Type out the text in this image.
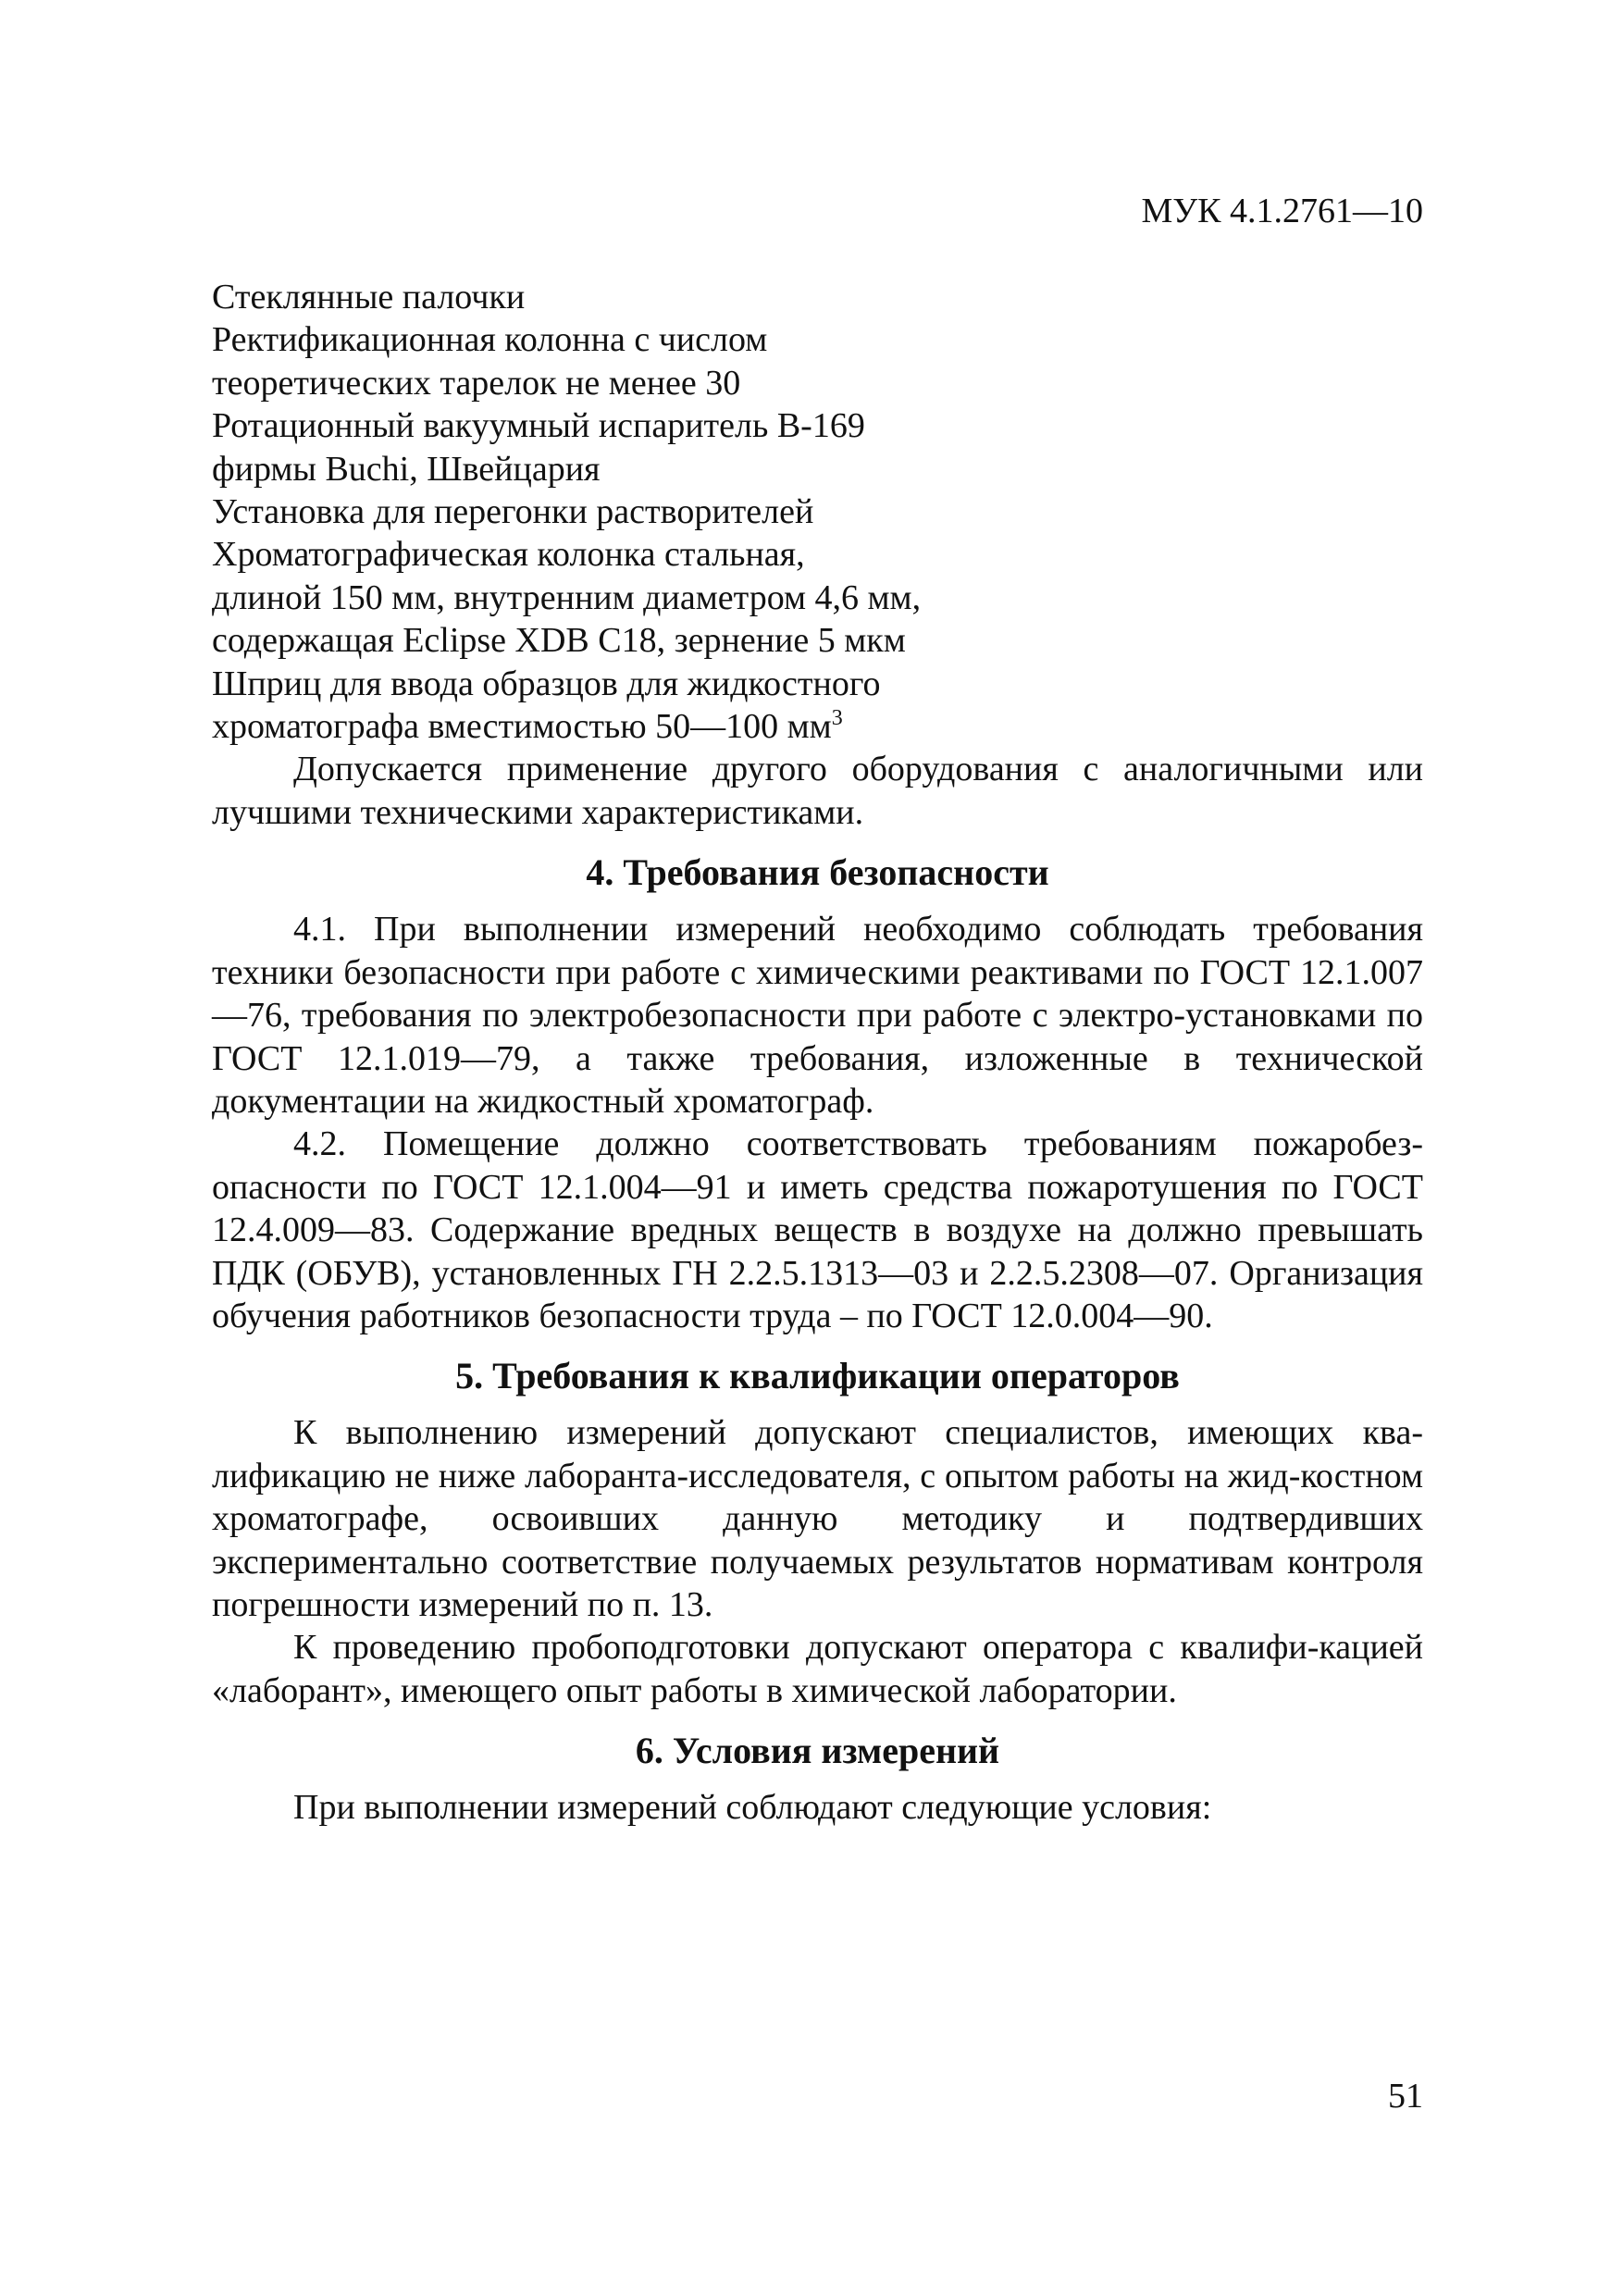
МУК 4.1.2761—10

Стеклянные палочки

Ректификационная колонна с числом

теоретических тарелок не менее 30

Ротационный вакуумный испаритель В-169

фирмы Buchi, Швейцария

Установка для перегонки растворителей

Хроматографическая колонка стальная,

длиной 150 мм, внутренним диаметром 4,6 мм,

содержащая Eclipse XDB C18, зернение 5 мкм

Шприц для ввода образцов для жидкостного

хроматографа вместимостью 50—100 $мм^3$

Допускается применение другого оборудования с аналогичными или лучшими техническими характеристиками.

4. Требования безопасности

4.1. При выполнении измерений необходимо соблюдать требования техники безопасности при работе с химическими реактивами по ГОСТ 12.1.007—76, требования по электробезопасности при работе с электро-установками по ГОСТ 12.1.019—79, а также требования, изложенные в технической документации на жидкостный хроматограф.

4.2. Помещение должно соответствовать требованиям пожаробез-опасности по ГОСТ 12.1.004—91 и иметь средства пожаротушения по ГОСТ 12.4.009—83. Содержание вредных веществ в воздухе на должно превышать ПДК (ОБУВ), установленных ГН 2.2.5.1313—03 и 2.2.5.2308—07. Организация обучения работников безопасности труда – по ГОСТ 12.0.004—90.

5. Требования к квалификации операторов

К выполнению измерений допускают специалистов, имеющих ква-лификацию не ниже лаборанта-исследователя, с опытом работы на жид-костном хроматографе, освоивших данную методику и подтвердивших экспериментально соответствие получаемых результатов нормативам контроля погрешности измерений по п. 13.

К проведению пробоподготовки допускают оператора с квалифи-кацией «лаборант», имеющего опыт работы в химической лаборатории.

6. Условия измерений

При выполнении измерений соблюдают следующие условия:

51
